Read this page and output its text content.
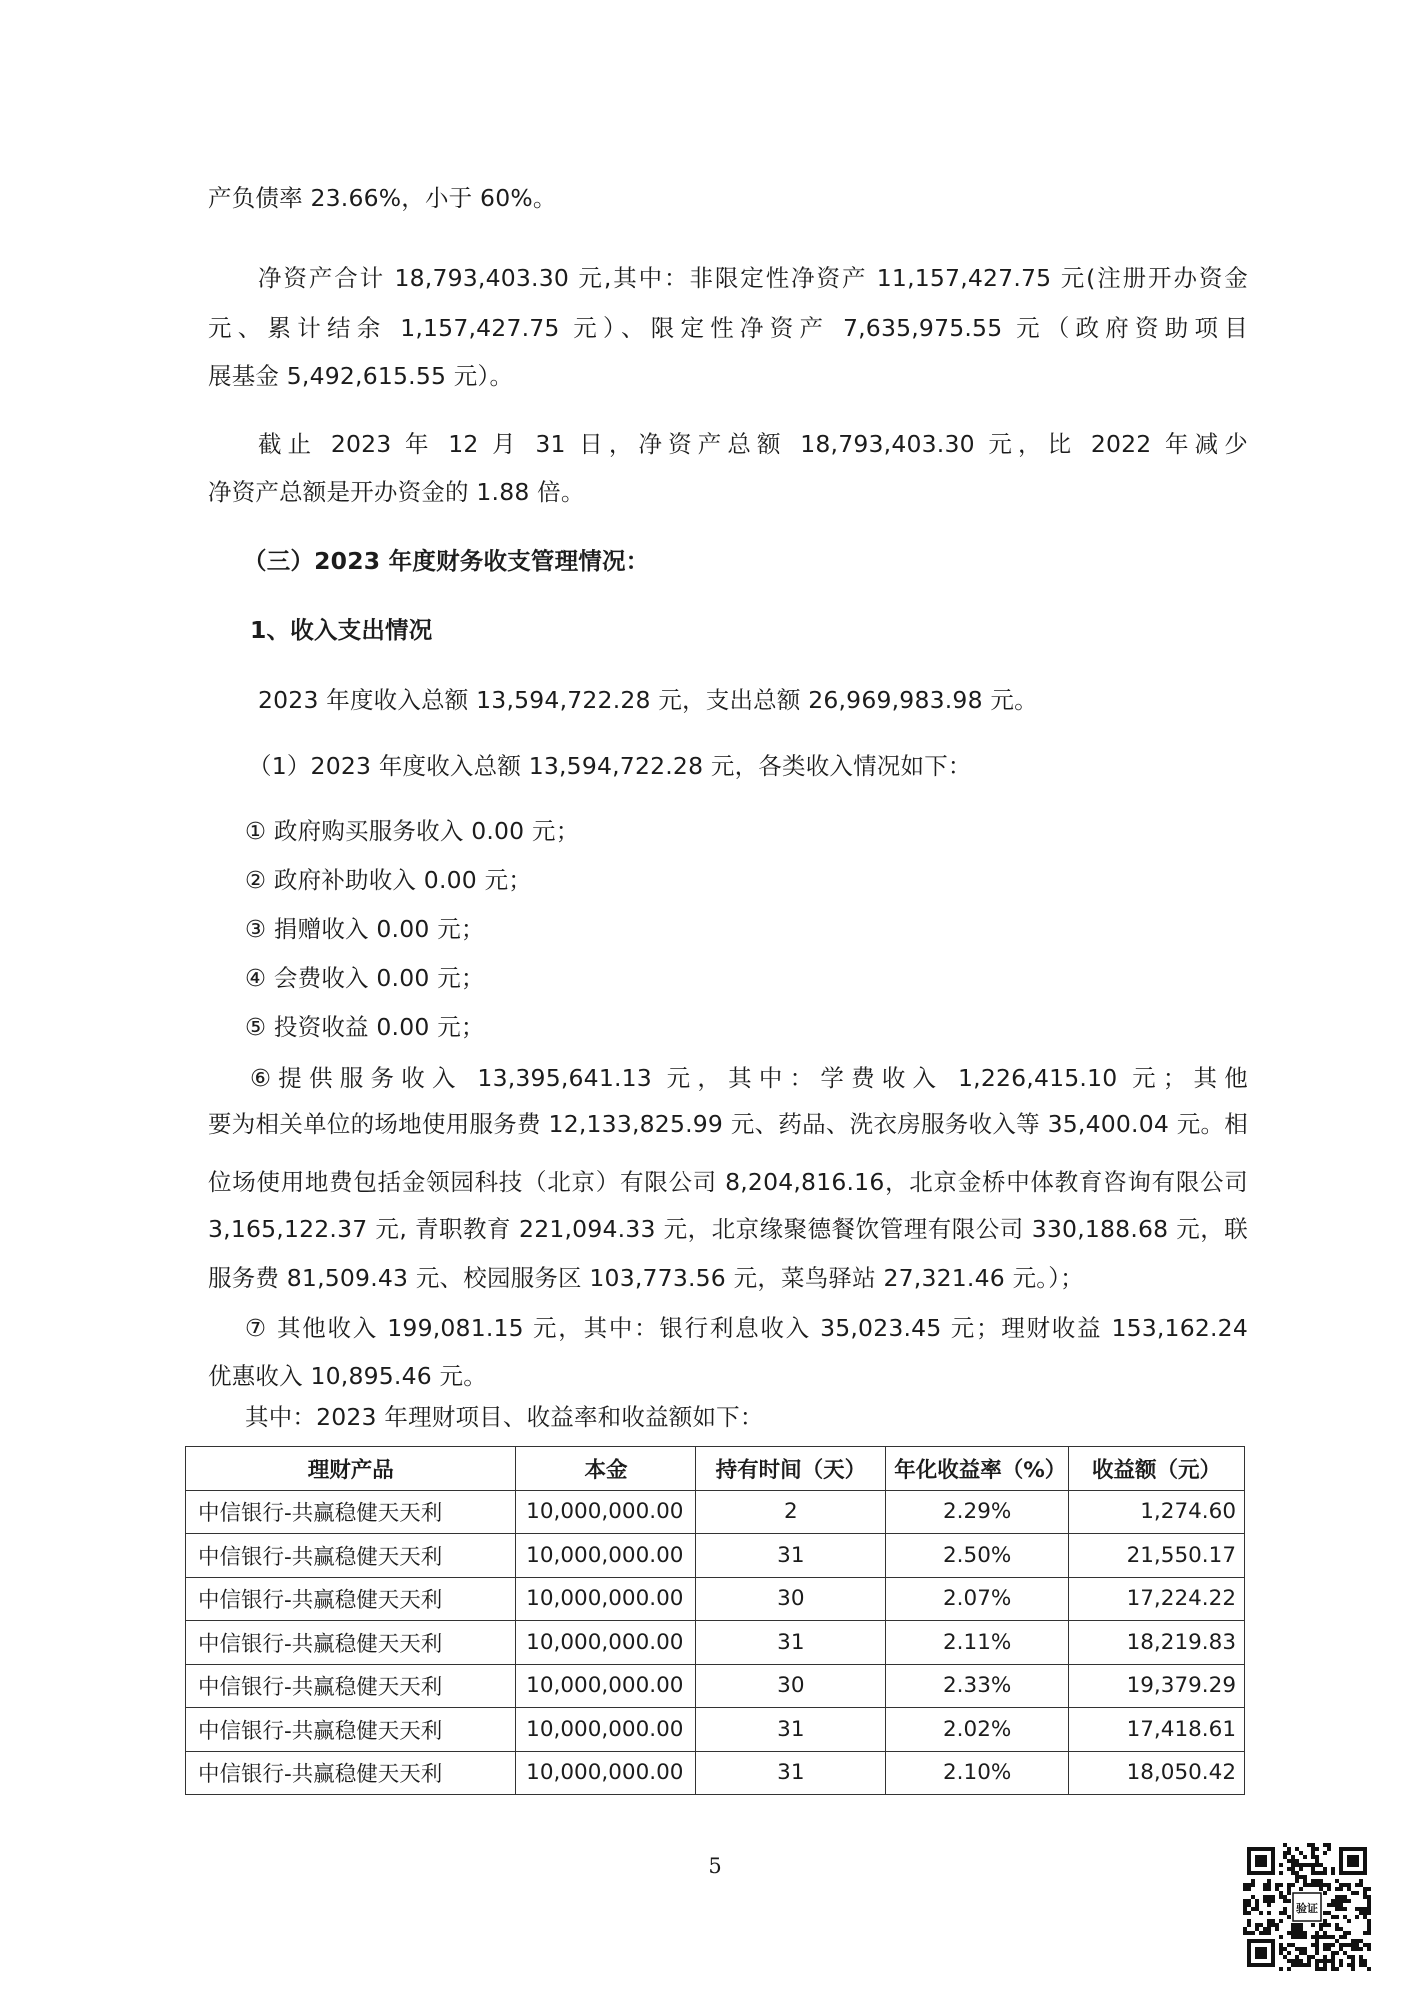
产负债率 23.66%，小于 60%。
净资产合计 18,793,403.30 元,其中：非限定性净资产 11,157,427.75 元(注册开办资金
元、累计结余 1,157,427.75 元）、限定性净资产 7,635,975.55 元（政府资助项目
展基金 5,492,615.55 元）。
截止 2023 年 12 月 31 日，净资产总额 18,793,403.30 元，比 2022 年减少
净资产总额是开办资金的 1.88 倍。
（三）2023 年度财务收支管理情况：
1、收入支出情况
2023 年度收入总额 13,594,722.28 元，支出总额 26,969,983.98 元。
（1）2023 年度收入总额 13,594,722.28 元，各类收入情况如下：
① 政府购买服务收入 0.00 元；
② 政府补助收入 0.00 元；
③ 捐赠收入 0.00 元；
④ 会费收入 0.00 元；
⑤ 投资收益 0.00 元；
⑥提供服务收入 13,395,641.13 元，其中：学费收入 1,226,415.10 元；其他
要为相关单位的场地使用服务费 12,133,825.99 元、药品、洗衣房服务收入等 35,400.04 元。相
位场使用地费包括金领园科技（北京）有限公司 8,204,816.16，北京金桥中体教育咨询有限公司
3,165,122.37 元, 青职教育 221,094.33 元，北京缘聚德餐饮管理有限公司 330,188.68 元，联
服务费 81,509.43 元、校园服务区 103,773.56 元，菜鸟驿站 27,321.46 元。）；
⑦ 其他收入 199,081.15 元，其中：银行利息收入 35,023.45 元；理财收益 153,162.24
优惠收入 10,895.46 元。
其中：2023 年理财项目、收益率和收益额如下：
理财产品	本金	持有时间（天）	年化收益率（%）	收益额（元）
中信银行-共赢稳健天天利	10,000,000.00	2	2.29%	1,274.60
中信银行-共赢稳健天天利	10,000,000.00	31	2.50%	21,550.17
中信银行-共赢稳健天天利	10,000,000.00	30	2.07%	17,224.22
中信银行-共赢稳健天天利	10,000,000.00	31	2.11%	18,219.83
中信银行-共赢稳健天天利	10,000,000.00	30	2.33%	19,379.29
中信银行-共赢稳健天天利	10,000,000.00	31	2.02%	17,418.61
中信银行-共赢稳健天天利	10,000,000.00	31	2.10%	18,050.42
5
验证
